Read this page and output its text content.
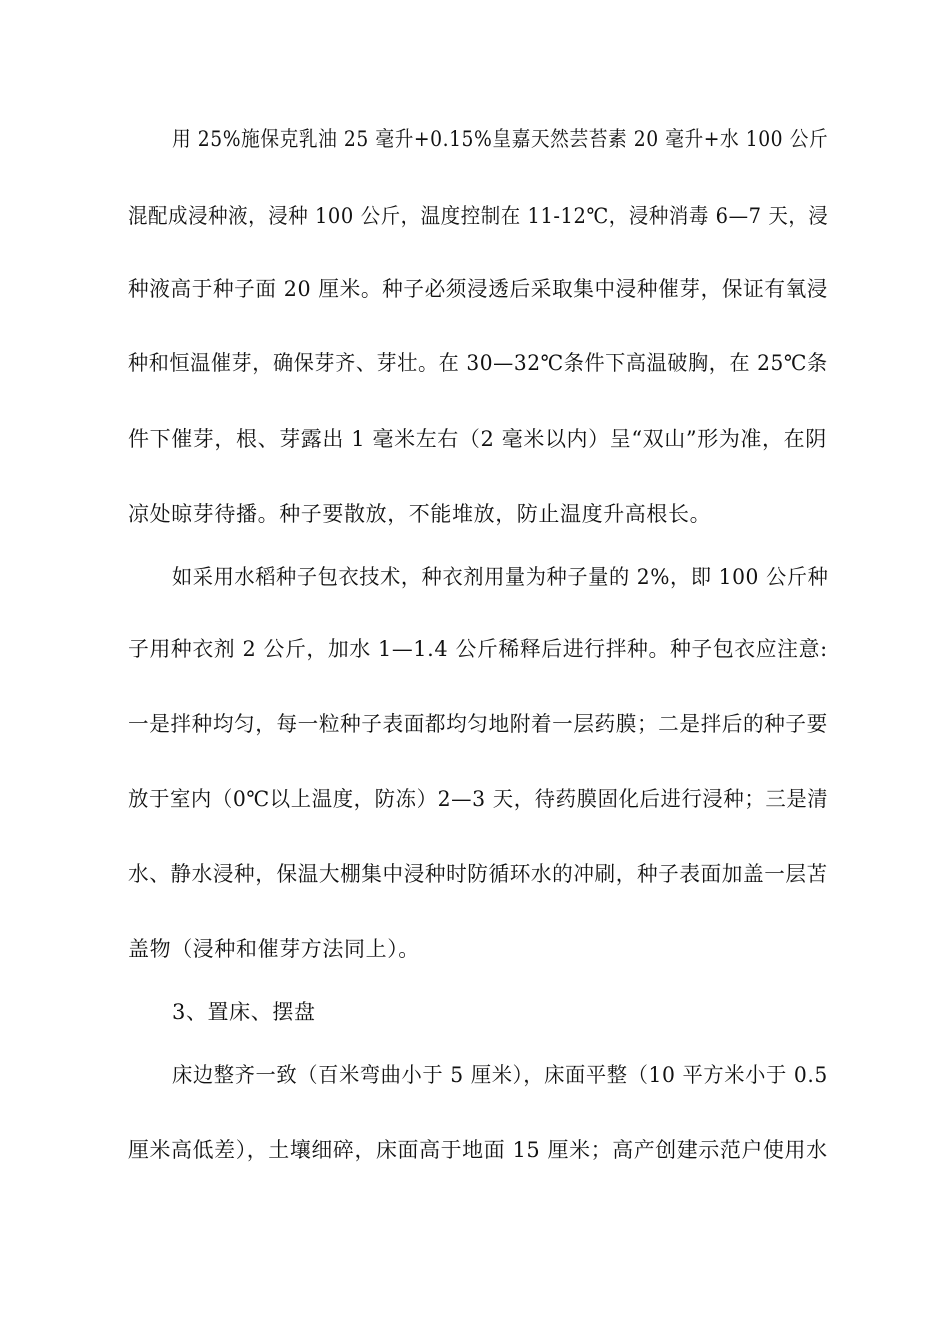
用 25%施保克乳油 25 毫升+0.15%皇嘉天然芸苔素 20 毫升+水 100 公斤
混配成浸种液，浸种 100 公斤，温度控制在 11-12℃，浸种消毒 6—7 天，浸
种液高于种子面 20 厘米。种子必须浸透后采取集中浸种催芽，保证有氧浸
种和恒温催芽，确保芽齐、芽壮。在 30—32℃条件下高温破胸，在 25℃条
件下催芽，根、芽露出 1 毫米左右（2 毫米以内）呈“双山”形为准，在阴
凉处晾芽待播。种子要散放，不能堆放，防止温度升高根长。
如采用水稻种子包衣技术，种衣剂用量为种子量的 2%，即 100 公斤种
子用种衣剂 2 公斤，加水 1—1.4 公斤稀释后进行拌种。种子包衣应注意:
一是拌种均匀，每一粒种子表面都均匀地附着一层药膜；二是拌后的种子要
放于室内（0℃以上温度，防冻）2—3 天，待药膜固化后进行浸种；三是清
水、静水浸种，保温大棚集中浸种时防循环水的冲刷，种子表面加盖一层苫
盖物（浸种和催芽方法同上）。
3、置床、摆盘
床边整齐一致（百米弯曲小于 5 厘米），床面平整（10 平方米小于 0.5
厘米高低差），土壤细碎，床面高于地面 15 厘米；高产创建示范户使用水
